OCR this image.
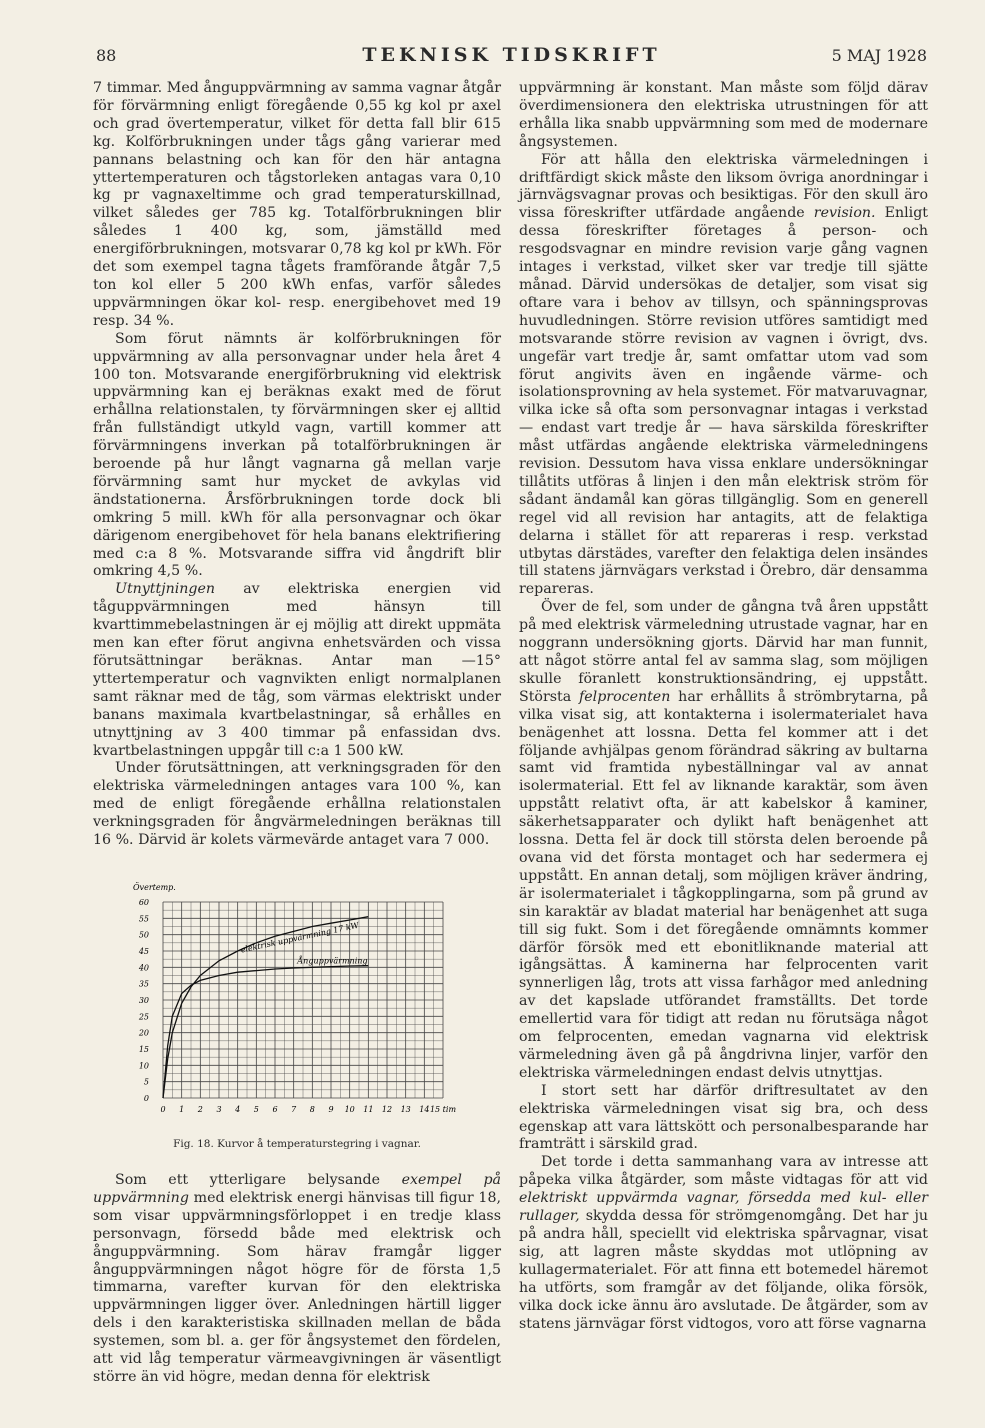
88	TEKNISK TIDSKRIFT	5 MAJ 1928

7 timmar. Med ånguppvärmning av samma vagnar åtgår för förvärmning enligt föregående 0,55 kg kol pr axel och grad övertemperatur, vilket för detta fall blir 615 kg. Kolförbrukningen under tågs gång varierar med pannans belastning och kan för den här antagna yttertemperaturen och tågstorleken antagas vara 0,10 kg pr vagnaxeltimme och grad temperaturskillnad, vilket således ger 785 kg. Totalförbrukningen blir således 1 400 kg, som, jämställd med energiförbrukningen, motsvarar 0,78 kg kol pr kWh. För det som exempel tagna tågets framförande åtgår 7,5 ton kol eller 5 200 kWh enfas, varför således uppvärmningen ökar kol- resp. energibehovet med 19 resp. 34 %.

Som förut nämnts är kolförbrukningen för uppvärmning av alla personvagnar under hela året 4 100 ton. Motsvarande energiförbrukning vid elektrisk uppvärmning kan ej beräknas exakt med de förut erhållna relationstalen, ty förvärmningen sker ej alltid från fullständigt utkyld vagn, vartill kommer att förvärmningens inverkan på totalförbrukningen är beroende på hur långt vagnarna gå mellan varje förvärmning samt hur mycket de avkylas vid ändstationerna. Årsförbrukningen torde dock bli omkring 5 mill. kWh för alla personvagnar och ökar därigenom energibehovet för hela banans elektrifiering med c:a 8 %. Motsvarande siffra vid ångdrift blir omkring 4,5 %.

Utnyttjningen av elektriska energien vid tåguppvärmningen med hänsyn till kvarttimmebelastningen är ej möjlig att direkt uppmäta men kan efter förut angivna enhetsvärden och vissa förutsättningar beräknas. Antar man —15° yttertemperatur och vagnvikten enligt normalplanen samt räknar med de tåg, som värmas elektriskt under banans maximala kvartbelastningar, så erhålles en utnyttjning av 3 400 timmar på enfassidan dvs. kvartbelastningen uppgår till c:a 1 500 kW.

Under förutsättningen, att verkningsgraden för den elektriska värmeledningen antages vara 100 %, kan med de enligt föregående erhållna relationstalen verkningsgraden för ångvärmeledningen beräknas till 16 %. Därvid är kolets värmevärde antaget vara 7 000.

0
5
10
15
20
25
30
35
40
45
50
55
60
0 1 2 3 4 5 6 7 8 9 10 11 12 13 14 15 tim
Övertemp.
elektrisk uppvärmning 17 kW
Ånguppvärmning
Fig. 18. Kurvor å temperaturstegring i vagnar.

Som ett ytterligare belysande exempel på uppvärmning med elektrisk energi hänvisas till figur 18, som visar uppvärmningsförloppet i en tredje klass personvagn, försedd både med elektrisk och ånguppvärmning. Som härav framgår ligger ånguppvärmningen något högre för de första 1,5 timmarna, varefter kurvan för den elektriska uppvärmningen ligger över. Anledningen härtill ligger dels i den karakteristiska skillnaden mellan de båda systemen, som bl. a. ger för ångsystemet den fördelen, att vid låg temperatur värmeavgivningen är väsentligt större än vid högre, medan denna för elektrisk

uppvärmning är konstant. Man måste som följd därav överdimensionera den elektriska utrustningen för att erhålla lika snabb uppvärmning som med de modernare ångsystemen.

För att hålla den elektriska värmeledningen i driftfärdigt skick måste den liksom övriga anordningar i järnvägsvagnar provas och besiktigas. För den skull äro vissa föreskrifter utfärdade angående revision. Enligt dessa föreskrifter företages å person- och resgodsvagnar en mindre revision varje gång vagnen intages i verkstad, vilket sker var tredje till sjätte månad. Därvid undersökas de detaljer, som visat sig oftare vara i behov av tillsyn, och spänningsprovas huvudledningen. Större revision utföres samtidigt med motsvarande större revision av vagnen i övrigt, dvs. ungefär vart tredje år, samt omfattar utom vad som förut angivits även en ingående värme- och isolationsprovning av hela systemet. För matvaruvagnar, vilka icke så ofta som personvagnar intagas i verkstad — endast vart tredje år — hava särskilda föreskrifter måst utfärdas angående elektriska värmeledningens revision. Dessutom hava vissa enklare undersökningar tillåtits utföras å linjen i den mån elektrisk ström för sådant ändamål kan göras tillgänglig. Som en generell regel vid all revision har antagits, att de felaktiga delarna i stället för att repareras i resp. verkstad utbytas därstädes, varefter den felaktiga delen insändes till statens järnvägars verkstad i Örebro, där densamma repareras.

Över de fel, som under de gångna två åren uppstått på med elektrisk värmeledning utrustade vagnar, har en noggrann undersökning gjorts. Därvid har man funnit, att något större antal fel av samma slag, som möjligen skulle föranlett konstruktionsändring, ej uppstått. Största felprocenten har erhållits å strömbrytarna, på vilka visat sig, att kontakterna i isolermaterialet hava benägenhet att lossna. Detta fel kommer att i det följande avhjälpas genom förändrad säkring av bultarna samt vid framtida nybeställningar val av annat isolermaterial. Ett fel av liknande karaktär, som även uppstått relativt ofta, är att kabelskor å kaminer, säkerhetsapparater och dylikt haft benägenhet att lossna. Detta fel är dock till största delen beroende på ovana vid det första montaget och har sedermera ej uppstått. En annan detalj, som möjligen kräver ändring, är isolermaterialet i tågkopplingarna, som på grund av sin karaktär av bladat material har benägenhet att suga till sig fukt. Som i det föregående omnämnts kommer därför försök med ett ebonitliknande material att igångsättas. Å kaminerna har felprocenten varit synnerligen låg, trots att vissa farhågor med anledning av det kapslade utförandet framställts. Det torde emellertid vara för tidigt att redan nu förutsäga något om felprocenten, emedan vagnarna vid elektrisk värmeledning även gå på ångdrivna linjer, varför den elektriska värmeledningen endast delvis utnyttjas.

I stort sett har därför driftresultatet av den elektriska värmeledningen visat sig bra, och dess egenskap att vara lättskött och personalbesparande har framträtt i särskild grad.

Det torde i detta sammanhang vara av intresse att påpeka vilka åtgärder, som måste vidtagas för att vid elektriskt uppvärmda vagnar, försedda med kul- eller rullager, skydda dessa för strömgenomgång. Det har ju på andra håll, speciellt vid elektriska spårvagnar, visat sig, att lagren måste skyddas mot utlöpning av kullagermaterialet. För att finna ett botemedel häremot ha utförts, som framgår av det följande, olika försök, vilka dock icke ännu äro avslutade. De åtgärder, som av statens järnvägar först vidtogos, voro att förse vagnarna
